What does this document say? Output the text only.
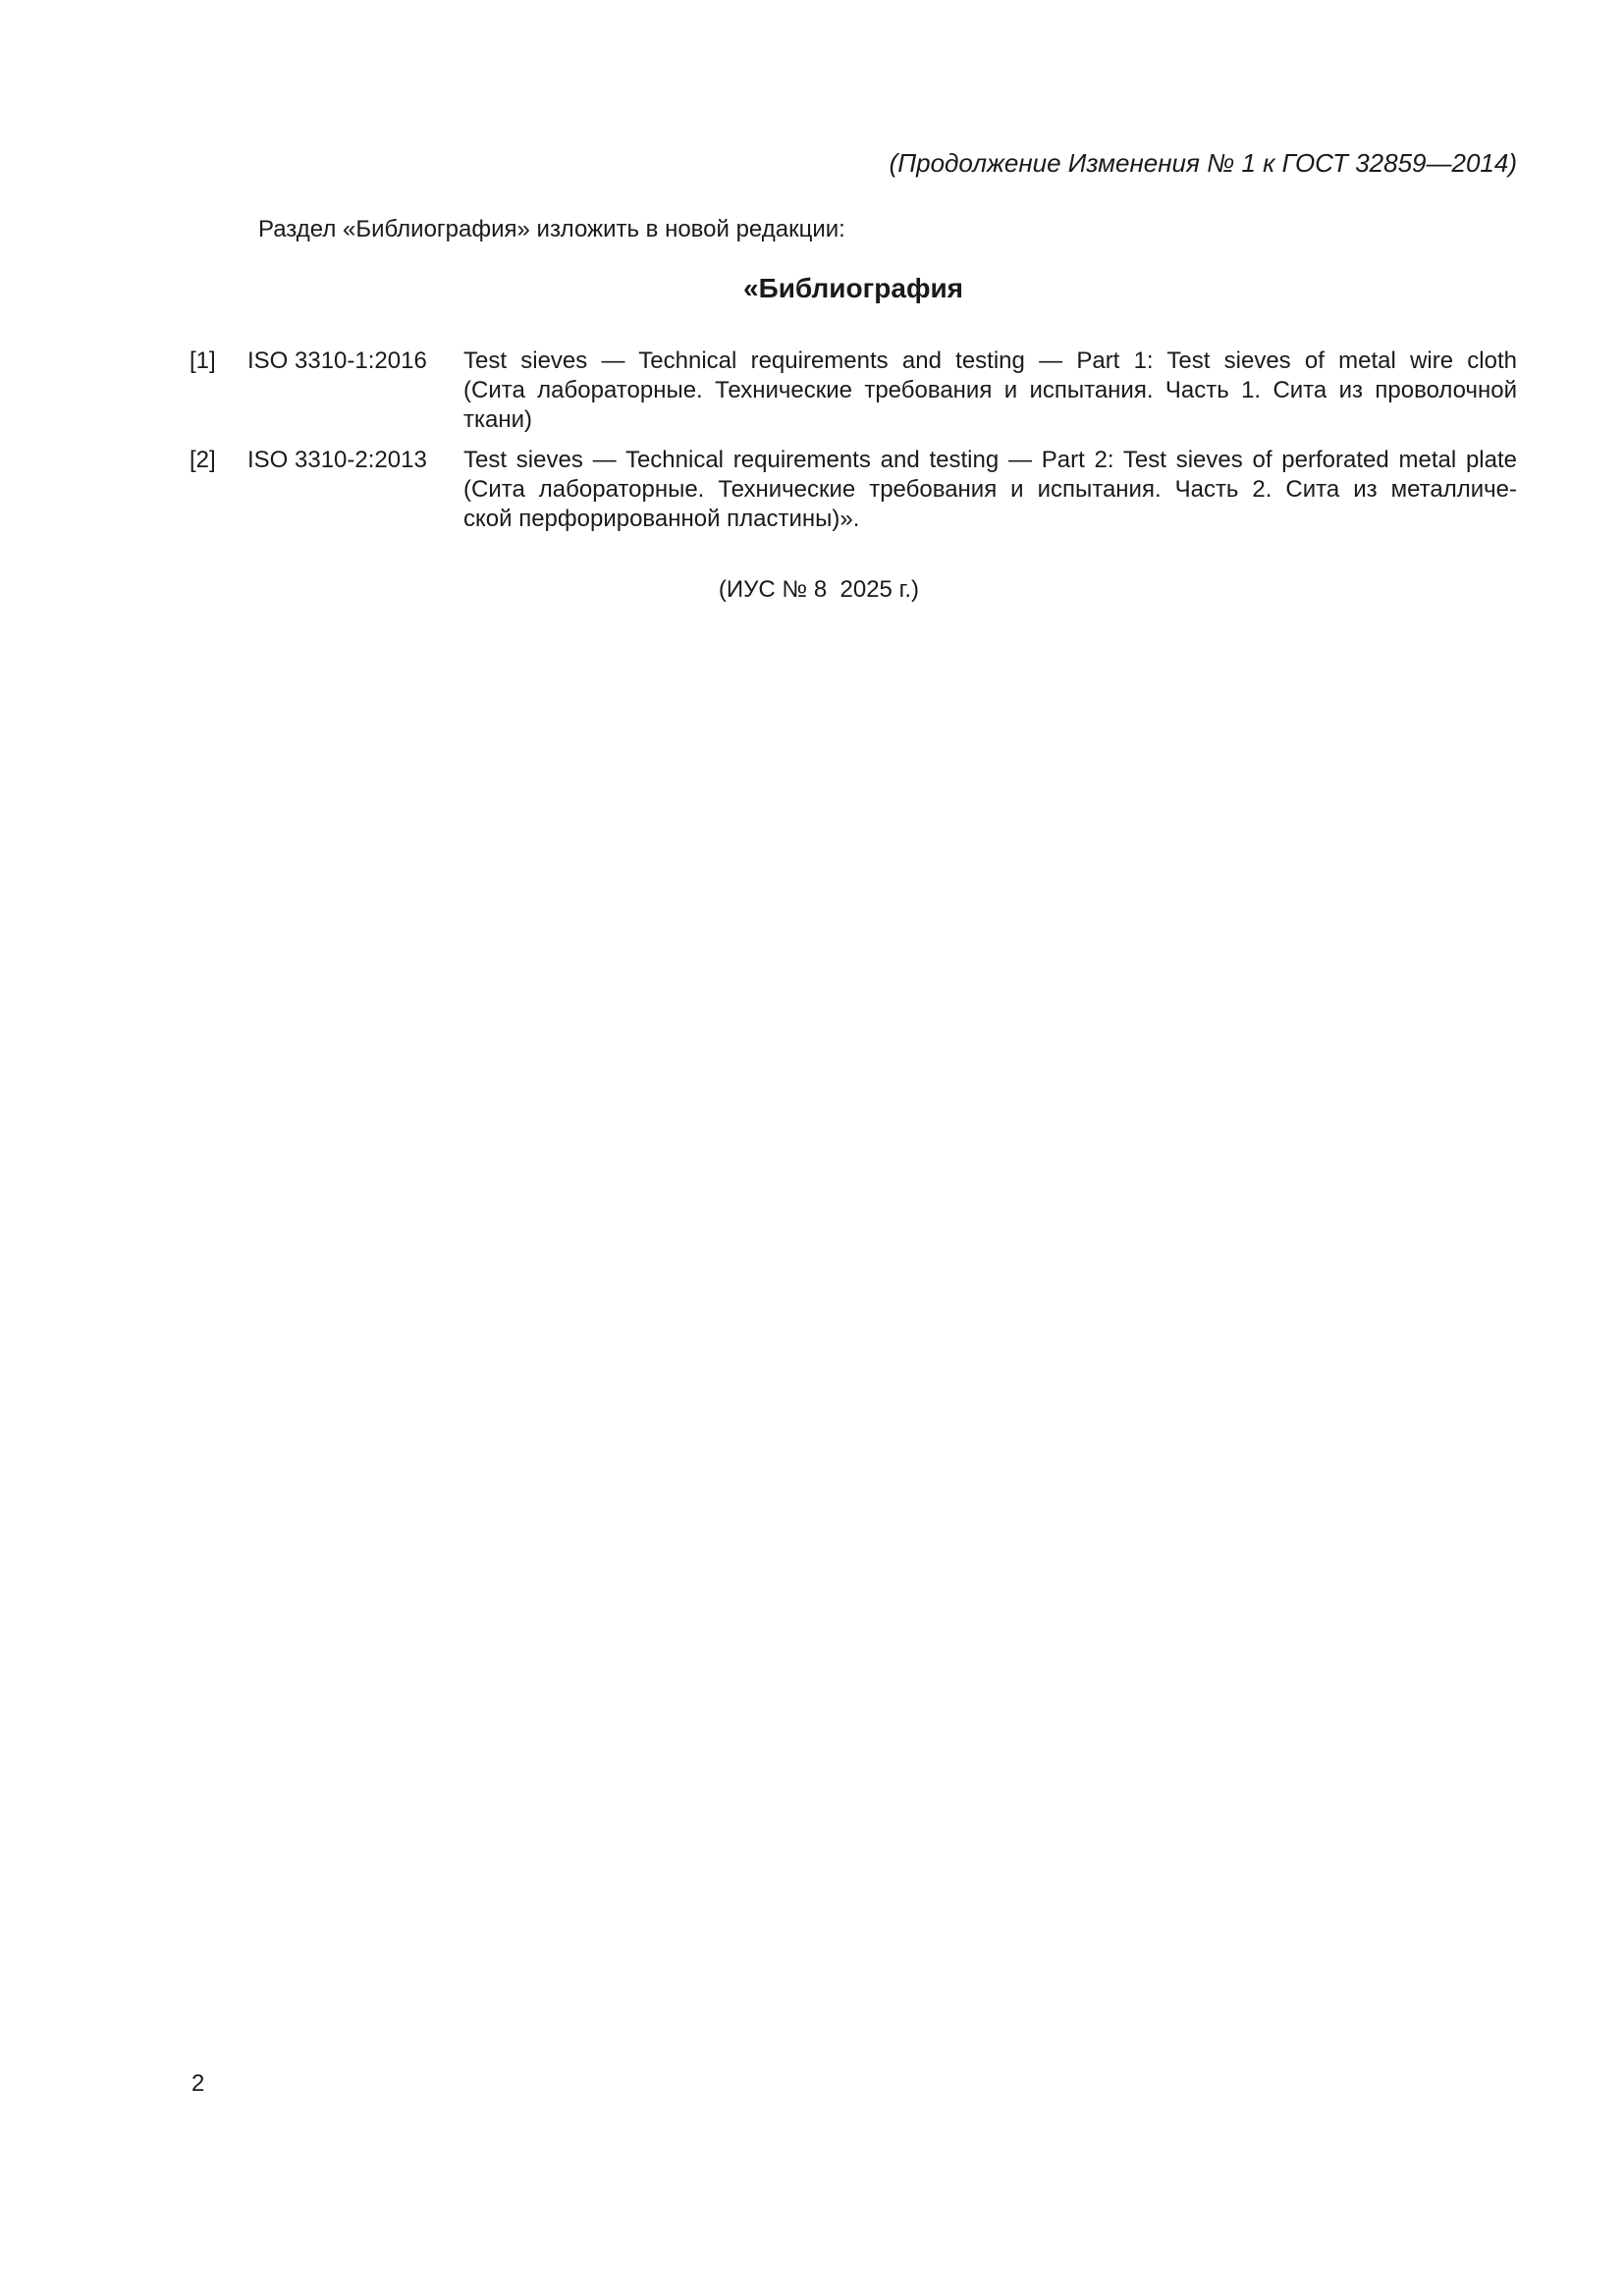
(Продолжение Изменения № 1 к ГОСТ 32859—2014)

Раздел «Библиография» изложить в новой редакции:

«Библиография
[1]	ISO 3310-1:2016	Test sieves — Technical requirements and testing — Part 1: Test sieves of metal wire cloth
(Сита лабораторные. Технические требования и испытания. Часть 1. Сита из проволочной
ткани)
[2]	ISO 3310-2:2013	Test sieves — Technical requirements and testing — Part 2: Test sieves of perforated metal plate
(Сита лабораторные. Технические требования и испытания. Часть 2. Сита из металличе-
ской перфорированной пластины)».
(ИУС № 8  2025 г.)
2
